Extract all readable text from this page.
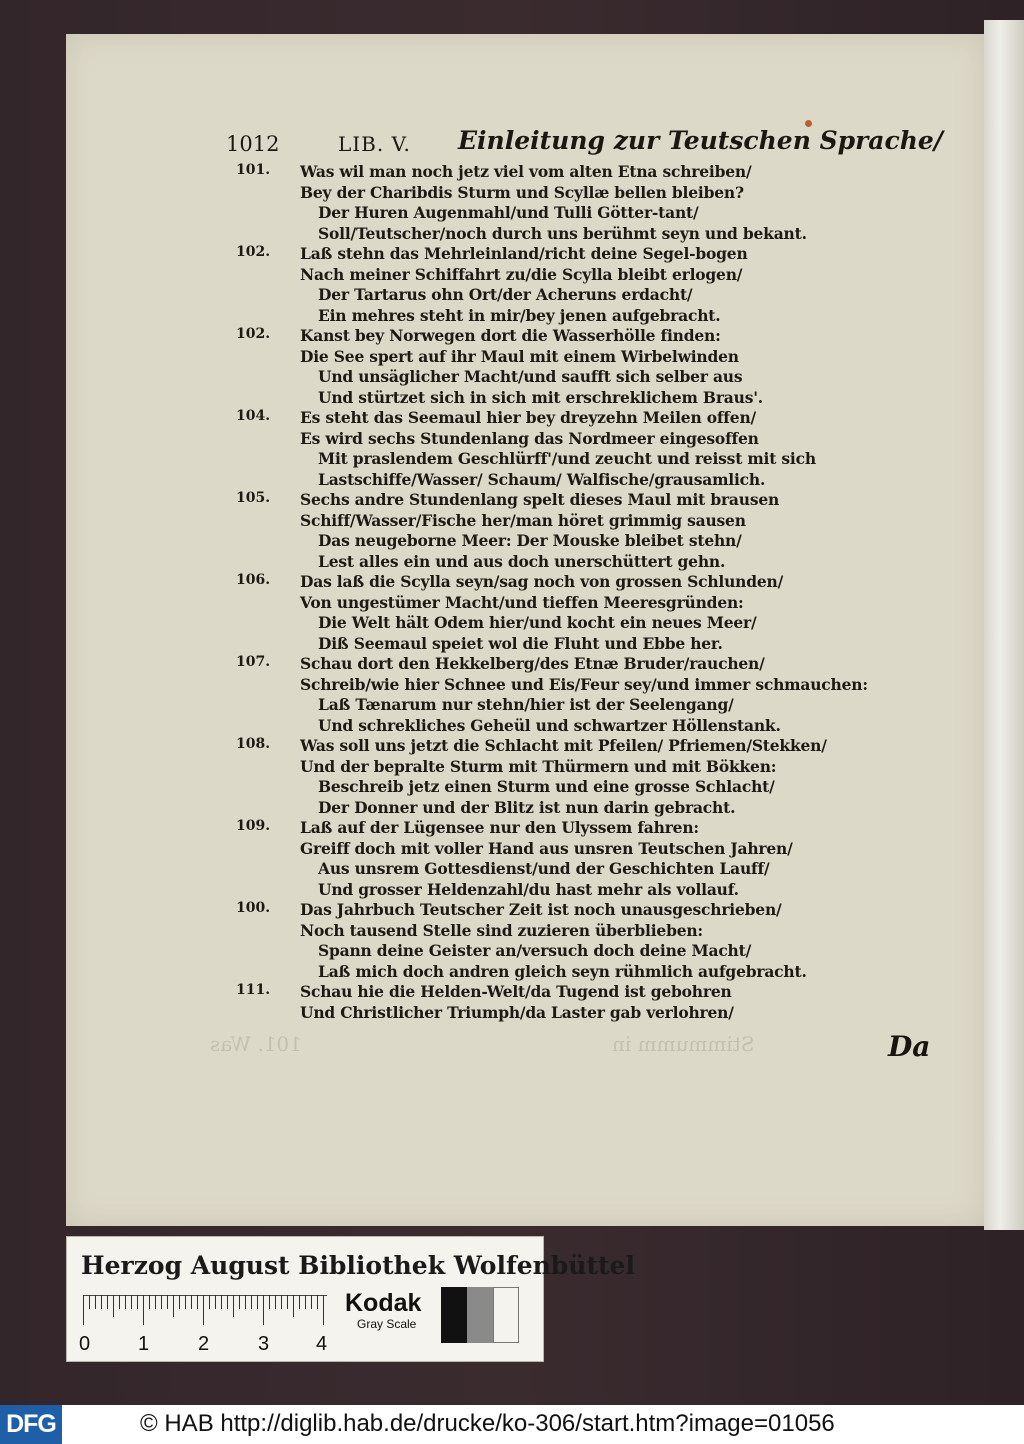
1012	LIB. V. Einleitung zur Teutschen Sprache/
101.	Was wil man noch jetz viel vom alten Etna schreiben/
Bey der Charibdis Sturm und Scyllæ bellen bleiben?
Der Huren Augenmahl/und Tulli Götter-tant/
Soll/Teutscher/noch durch uns berühmt seyn und bekant.
102.	Laß stehn das Mehrleinland/richt deine Segel-bogen
Nach meiner Schiffahrt zu/die Scylla bleibt erlogen/
Der Tartarus ohn Ort/der Acheruns erdacht/
Ein mehres steht in mir/bey jenen aufgebracht.
102.	Kanst bey Norwegen dort die Wasserhölle finden:
Die See spert auf ihr Maul mit einem Wirbelwinden
Und unsäglicher Macht/und saufft sich selber aus
Und stürtzet sich in sich mit erschreklichem Braus'.
104.	Es steht das Seemaul hier bey dreyzehn Meilen offen/
Es wird sechs Stundenlang das Nordmeer eingesoffen
Mit praslendem Geschlürff'/und zeucht und reisst mit sich
Lastschiffe/Wasser/ Schaum/ Walfische/grausamlich.
105.	Sechs andre Stundenlang spelt dieses Maul mit brausen
Schiff/Wasser/Fische her/man höret grimmig sausen
Das neugeborne Meer: Der Mouske bleibet stehn/
Lest alles ein und aus doch unerschüttert gehn.
106.	Das laß die Scylla seyn/sag noch von grossen Schlunden/
Von ungestümer Macht/und tieffen Meeresgründen:
Die Welt hält Odem hier/und kocht ein neues Meer/
Diß Seemaul speiet wol die Fluht und Ebbe her.
107.	Schau dort den Hekkelberg/des Etnæ Bruder/rauchen/
Schreib/wie hier Schnee und Eis/Feur sey/und immer schmauchen:
Laß Tænarum nur stehn/hier ist der Seelengang/
Und schrekliches Geheül und schwartzer Höllenstank.
108.	Was soll uns jetzt die Schlacht mit Pfeilen/ Pfriemen/Stekken/
Und der bepralte Sturm mit Thürmern und mit Bökken:
Beschreib jetz einen Sturm und eine grosse Schlacht/
Der Donner und der Blitz ist nun darin gebracht.
109.	Laß auf der Lügensee nur den Ulyssem fahren:
Greiff doch mit voller Hand aus unsren Teutschen Jahren/
Aus unsrem Gottesdienst/und der Geschichten Lauff/
Und grosser Heldenzahl/du hast mehr als vollauf.
100.	Das Jahrbuch Teutscher Zeit ist noch unausgeschrieben/
Noch tausend Stelle sind zuzieren überblieben:
Spann deine Geister an/versuch doch deine Macht/
Laß mich doch andren gleich seyn rühmlich aufgebracht.
111.	Schau hie die Helden-Welt/da Tugend ist gebohren
Und Christlicher Triumph/da Laster gab verlohren/
Stimmumm in
101. Was	Da
Herzog August Bibliothek Wolfenbüttel
0 1 2 3 4
Kodak
Gray Scale
DFG	© HAB http://diglib.hab.de/drucke/ko-306/start.htm?image=01056
